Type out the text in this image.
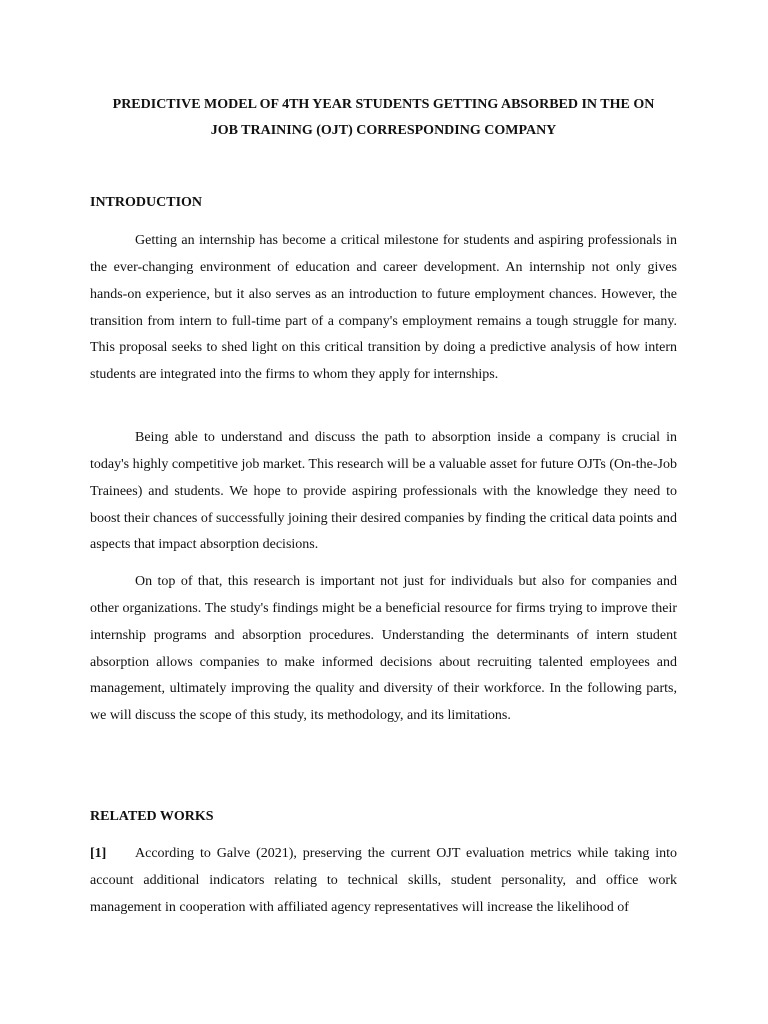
PREDICTIVE MODEL OF 4TH YEAR STUDENTS GETTING ABSORBED IN THE ON
JOB TRAINING (OJT) CORRESPONDING COMPANY
INTRODUCTION

Getting an internship has become a critical milestone for students and aspiring professionals in the ever-changing environment of education and career development. An internship not only gives hands-on experience, but it also serves as an introduction to future employment chances. However, the transition from intern to full-time part of a company's employment remains a tough struggle for many. This proposal seeks to shed light on this critical transition by doing a predictive analysis of how intern students are integrated into the firms to whom they apply for internships.

Being able to understand and discuss the path to absorption inside a company is crucial in today's highly competitive job market. This research will be a valuable asset for future OJTs (On-the-Job Trainees) and students. We hope to provide aspiring professionals with the knowledge they need to boost their chances of successfully joining their desired companies by finding the critical data points and aspects that impact absorption decisions.

On top of that, this research is important not just for individuals but also for companies and other organizations. The study's findings might be a beneficial resource for firms trying to improve their internship programs and absorption procedures. Understanding the determinants of intern student absorption allows companies to make informed decisions about recruiting talented employees and management, ultimately improving the quality and diversity of their workforce. In the following parts, we will discuss the scope of this study, its methodology, and its limitations.

RELATED WORKS

[1] According to Galve (2021), preserving the current OJT evaluation metrics while taking into account additional indicators relating to technical skills, student personality, and office work management in cooperation with affiliated agency representatives will increase the likelihood of
